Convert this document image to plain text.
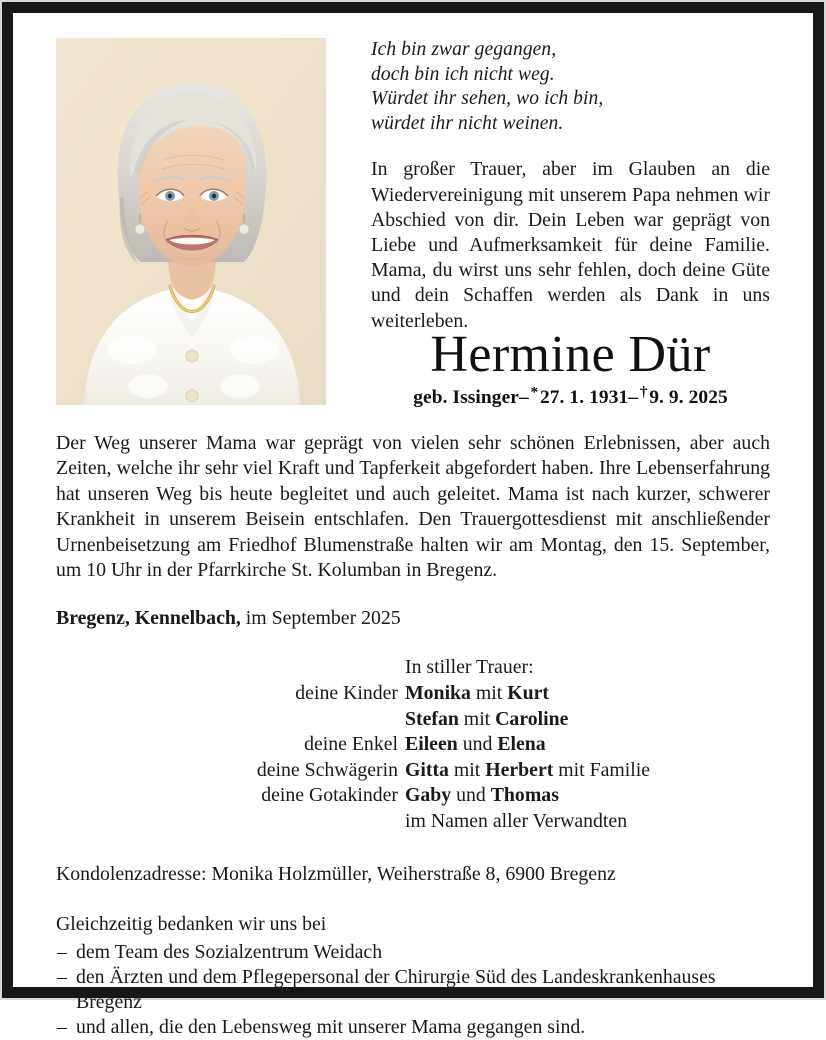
Ich bin zwar gegangen,
doch bin ich nicht weg.
Würdet ihr sehen, wo ich bin,
würdet ihr nicht weinen.

In großer Trauer, aber im Glauben an die Wiedervereinigung mit unserem Papa nehmen wir Abschied von dir. Dein Leben war geprägt von Liebe und Aufmerksamkeit für deine Familie. Mama, du wirst uns sehr fehlen, doch deine Güte und dein Schaffen werden als Dank in uns weiterleben.

Hermine Dür
geb. Issinger–  * 27. 1. 1931–  † 9. 9. 2025

Der Weg unserer Mama war geprägt von vielen sehr schönen Erlebnissen, aber auch Zeiten, welche ihr sehr viel Kraft und Tapferkeit abgefordert haben. Ihre Lebenserfahrung hat unseren Weg bis heute begleitet und auch geleitet. Mama ist nach kurzer, schwerer Krankheit in unserem Beisein entschlafen. Den Trauergottesdienst mit anschließender Urnenbeisetzung am Friedhof Blumenstraße halten wir am Montag, den 15. September, um 10 Uhr in der Pfarrkirche St. Kolumban in Bregenz.

Bregenz, Kennelbach, im September 2025

In stiller Trauer:
deine Kinder Monika mit Kurt
Stefan mit Caroline
deine Enkel Eileen und Elena
deine Schwägerin Gitta mit Herbert mit Familie
deine Gotakinder Gaby und Thomas
im Namen aller Verwandten

Kondolenzadresse: Monika Holzmüller, Weiherstraße 8, 6900 Bregenz

Gleichzeitig bedanken wir uns bei

– dem Team des Sozialzentrum Weidach
– den Ärzten und dem Pflegepersonal der Chirurgie Süd des Landeskrankenhauses Bregenz
– und allen, die den Lebensweg mit unserer Mama gegangen sind.
